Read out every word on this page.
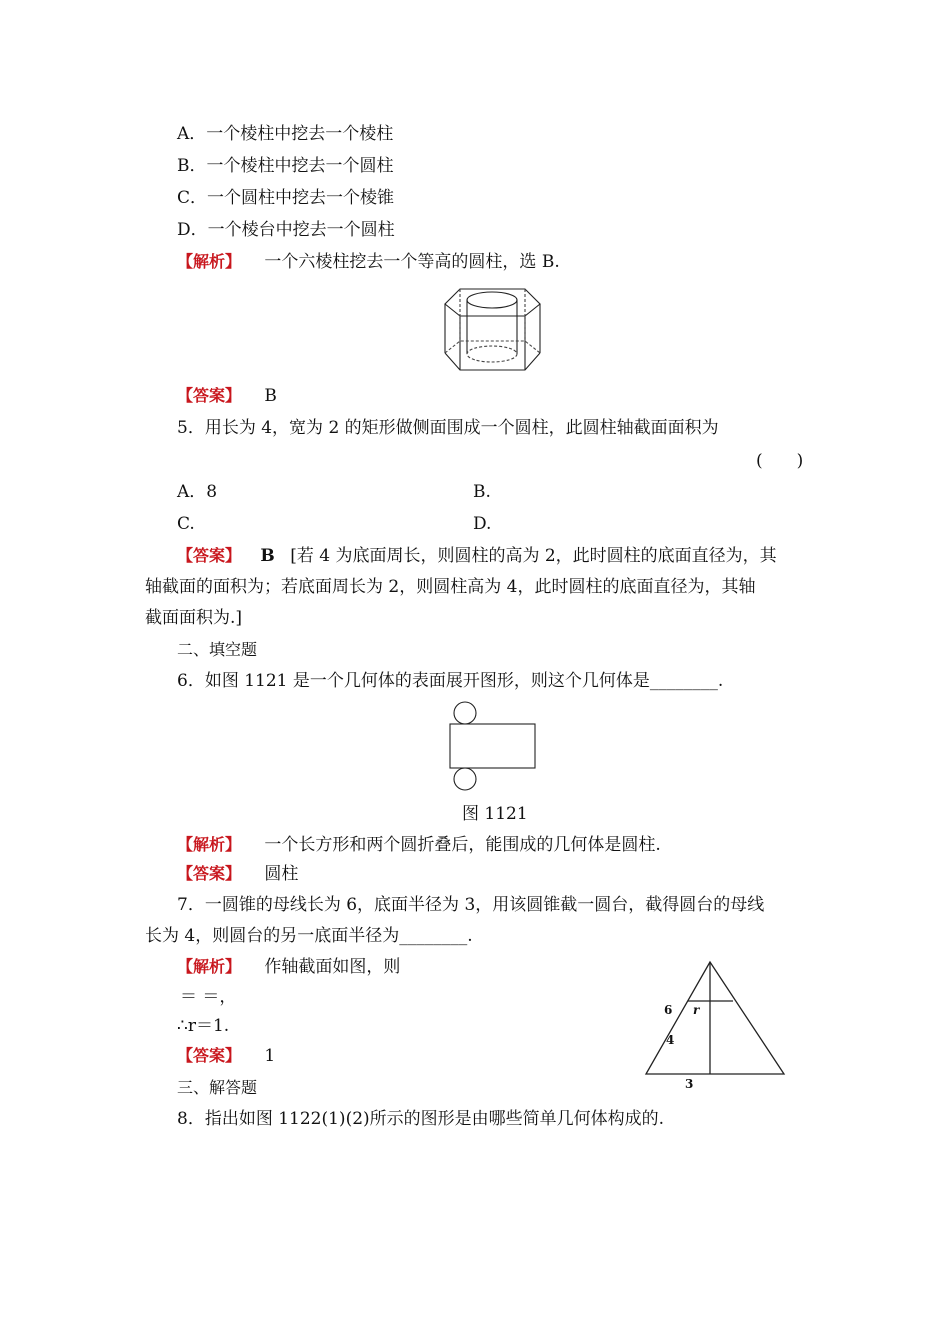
A．一个棱柱中挖去一个棱柱
B．一个棱柱中挖去一个圆柱
C．一个圆柱中挖去一个棱锥
D．一个棱台中挖去一个圆柱
【解析】 一个六棱柱挖去一个等高的圆柱，选 B.
【答案】 B
5．用长为 4，宽为 2 的矩形做侧面围成一个圆柱，此圆柱轴截面面积为
(　　)
A．8	B.
C.	D.
【答案】 B [若 4 为底面周长，则圆柱的高为 2，此时圆柱的底面直径为，其
轴截面的面积为；若底面周长为 2，则圆柱高为 4，此时圆柱的底面直径为，其轴
截面面积为.]
二、填空题
6．如图 1121 是一个几何体的表面展开图形，则这个几何体是________.
图 1121
【解析】 一个长方形和两个圆折叠后，能围成的几何体是圆柱.
【答案】 圆柱
7．一圆锥的母线长为 6，底面半径为 3，用该圆锥截一圆台，截得圆台的母线
长为 4，则圆台的另一底面半径为________.
【解析】 作轴截面如图，则
＝ ＝，
∴r＝1.
【答案】 1
6 r
4
3
三、解答题
8．指出如图 1122(1)(2)所示的图形是由哪些简单几何体构成的.
